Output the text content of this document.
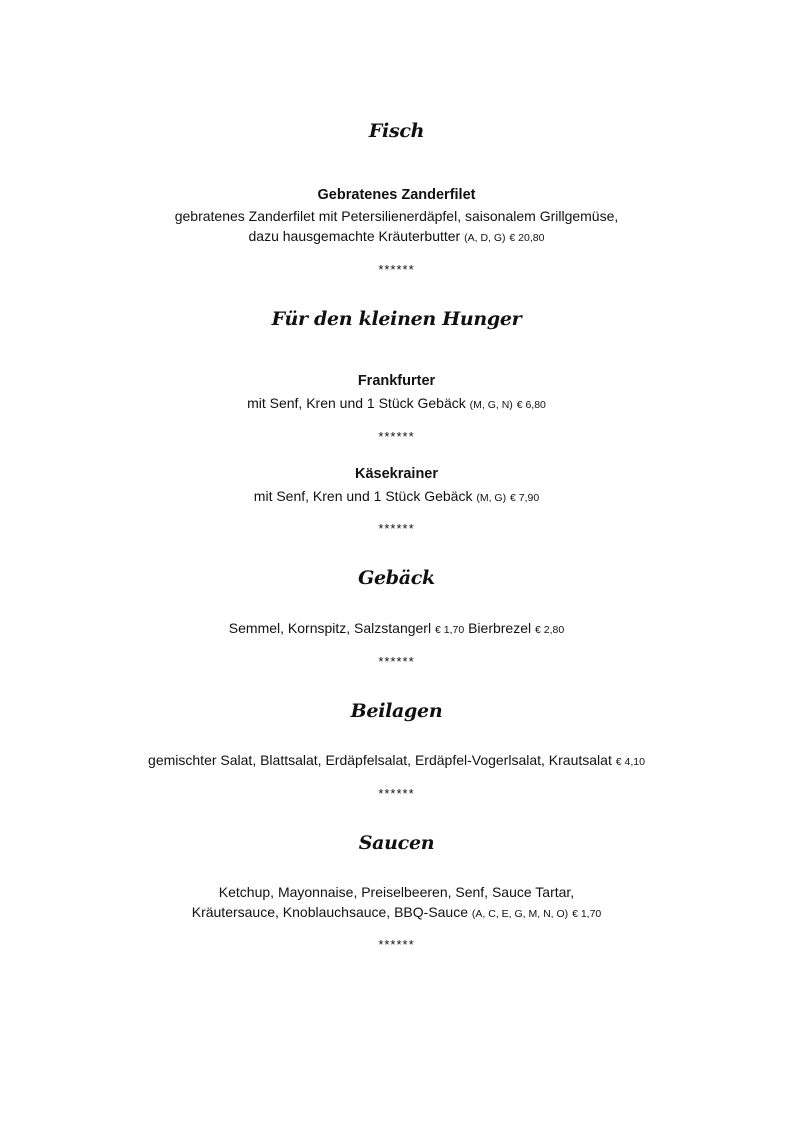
Fisch
Gebratenes Zanderfilet
gebratenes Zanderfilet mit Petersilienerdäpfel, saisonalem Grillgemüse,
dazu hausgemachte Kräuterbutter (A, D, G) € 20,80
******
Für den kleinen Hunger
Frankfurter
mit Senf, Kren und 1 Stück Gebäck (M, G, N) € 6,80
******
Käsekrainer
mit Senf, Kren und 1 Stück Gebäck (M, G) € 7,90
******
Gebäck
Semmel, Kornspitz, Salzstangerl € 1,70 Bierbrezel € 2,80
******
Beilagen
gemischter Salat, Blattsalat, Erdäpfelsalat, Erdäpfel-Vogerlsalat, Krautsalat € 4,10
******
Saucen
Ketchup, Mayonnaise, Preiselbeeren, Senf, Sauce Tartar,
Kräutersauce, Knoblauchsauce, BBQ-Sauce (A, C, E, G, M, N, O) € 1,70
******
